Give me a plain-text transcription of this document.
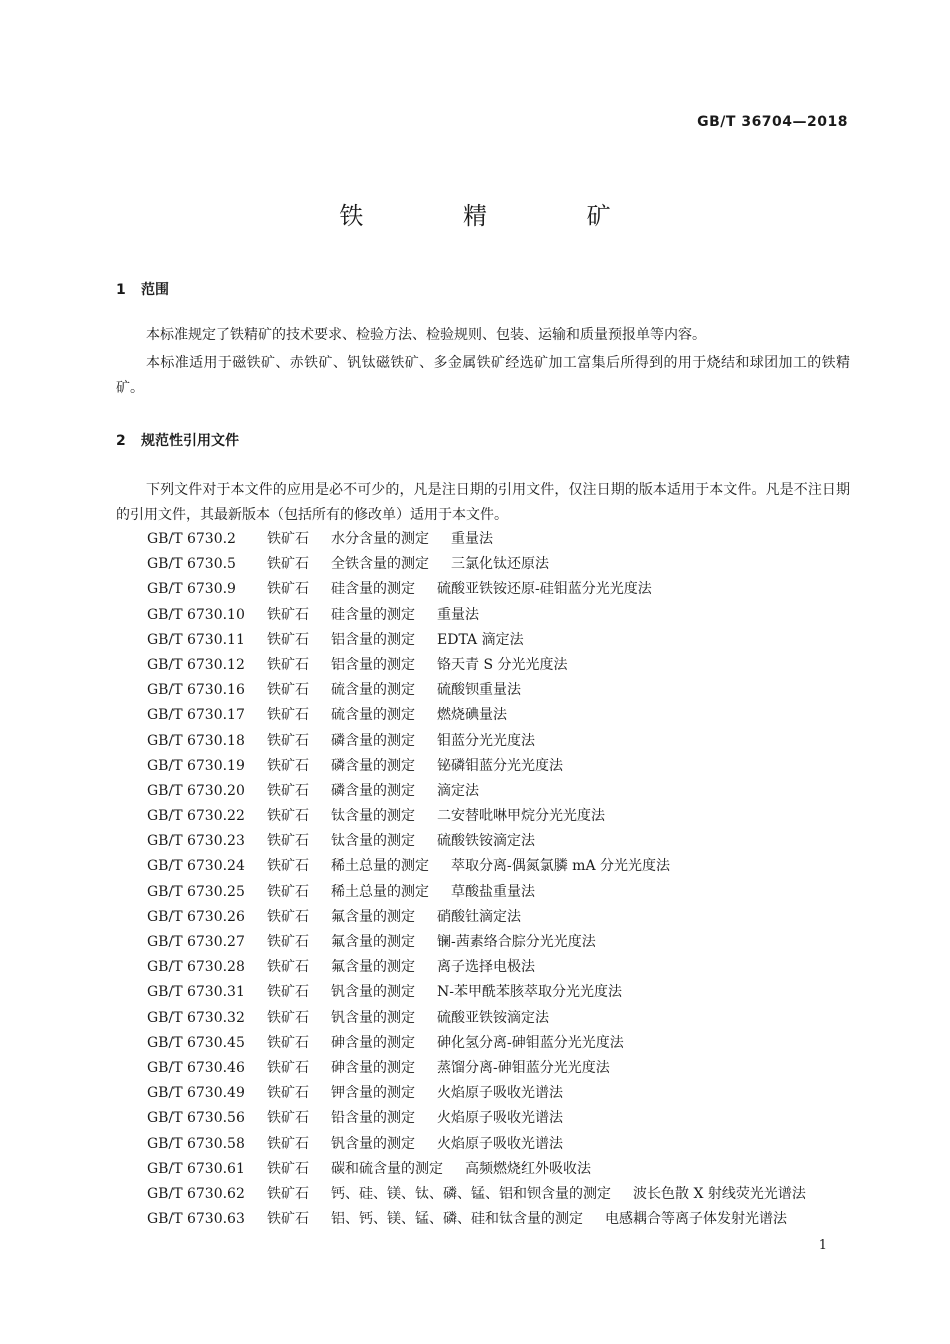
GB/T 36704—2018
铁 精 矿
1 范围
本标准规定了铁精矿的技术要求、检验方法、检验规则、包装、运输和质量预报单等内容。
本标准适用于磁铁矿、赤铁矿、钒钛磁铁矿、多金属铁矿经选矿加工富集后所得到的用于烧结和球团加工的铁精矿。
2 规范性引用文件
下列文件对于本文件的应用是必不可少的，凡是注日期的引用文件，仅注日期的版本适用于本文件。凡是不注日期的引用文件，其最新版本（包括所有的修改单）适用于本文件。
GB/T 6730.2 铁矿石 水分含量的测定 重量法
GB/T 6730.5 铁矿石 全铁含量的测定 三氯化钛还原法
GB/T 6730.9 铁矿石 硅含量的测定 硫酸亚铁铵还原-硅钼蓝分光光度法
GB/T 6730.10 铁矿石 硅含量的测定 重量法
GB/T 6730.11 铁矿石 铝含量的测定 EDTA 滴定法
GB/T 6730.12 铁矿石 铝含量的测定 铬天青 S 分光光度法
GB/T 6730.16 铁矿石 硫含量的测定 硫酸钡重量法
GB/T 6730.17 铁矿石 硫含量的测定 燃烧碘量法
GB/T 6730.18 铁矿石 磷含量的测定 钼蓝分光光度法
GB/T 6730.19 铁矿石 磷含量的测定 铋磷钼蓝分光光度法
GB/T 6730.20 铁矿石 磷含量的测定 滴定法
GB/T 6730.22 铁矿石 钛含量的测定 二安替吡啉甲烷分光光度法
GB/T 6730.23 铁矿石 钛含量的测定 硫酸铁铵滴定法
GB/T 6730.24 铁矿石 稀土总量的测定 萃取分离-偶氮氯膦 mA 分光光度法
GB/T 6730.25 铁矿石 稀土总量的测定 草酸盐重量法
GB/T 6730.26 铁矿石 氟含量的测定 硝酸钍滴定法
GB/T 6730.27 铁矿石 氟含量的测定 镧-茜素络合腙分光光度法
GB/T 6730.28 铁矿石 氟含量的测定 离子选择电极法
GB/T 6730.31 铁矿石 钒含量的测定 N-苯甲酰苯胲萃取分光光度法
GB/T 6730.32 铁矿石 钒含量的测定 硫酸亚铁铵滴定法
GB/T 6730.45 铁矿石 砷含量的测定 砷化氢分离-砷钼蓝分光光度法
GB/T 6730.46 铁矿石 砷含量的测定 蒸馏分离-砷钼蓝分光光度法
GB/T 6730.49 铁矿石 钾含量的测定 火焰原子吸收光谱法
GB/T 6730.56 铁矿石 铅含量的测定 火焰原子吸收光谱法
GB/T 6730.58 铁矿石 钒含量的测定 火焰原子吸收光谱法
GB/T 6730.61 铁矿石 碳和硫含量的测定 高频燃烧红外吸收法
GB/T 6730.62 铁矿石 钙、硅、镁、钛、磷、锰、铝和钡含量的测定 波长色散 X 射线荧光光谱法
GB/T 6730.63 铁矿石 铝、钙、镁、锰、磷、硅和钛含量的测定 电感耦合等离子体发射光谱法
1
